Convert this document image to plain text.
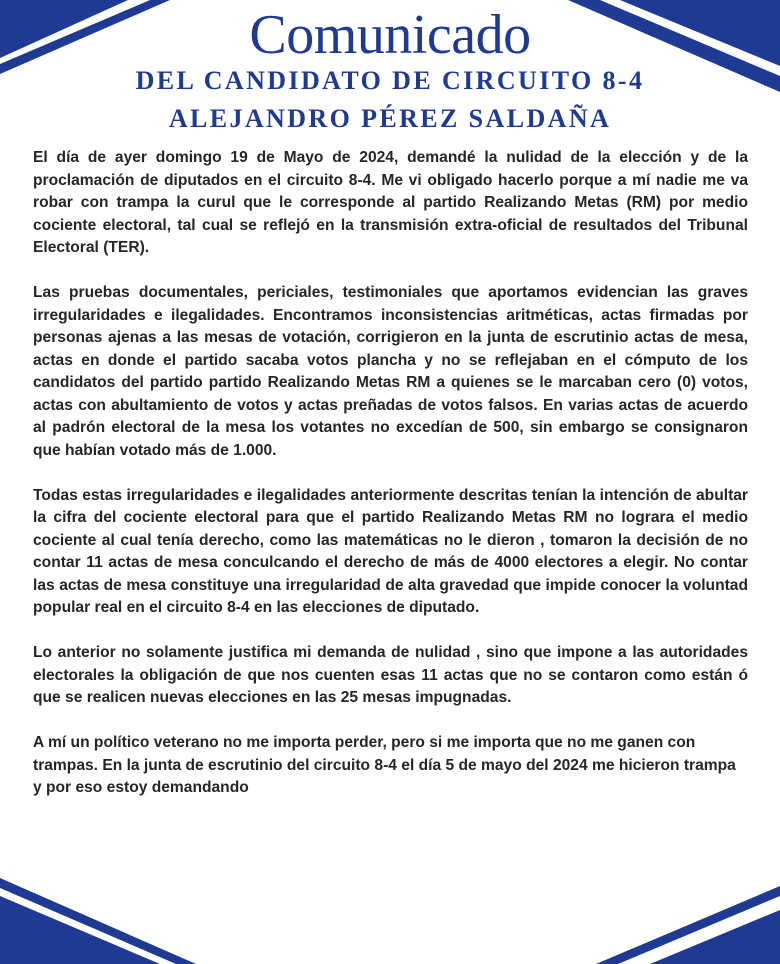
Comunicado
DEL CANDIDATO DE CIRCUITO 8-4
ALEJANDRO PÉREZ SALDAÑA

El día de ayer domingo 19 de Mayo de 2024, demandé la nulidad de la elección y de la proclamación de diputados en el circuito 8-4. Me vi obligado hacerlo porque a mí nadie me va robar con trampa la curul que le corresponde al partido Realizando Metas (RM) por medio cociente electoral, tal cual se reflejó en la transmisión extra-oficial de resultados del Tribunal Electoral (TER).

Las pruebas documentales, periciales, testimoniales que aportamos evidencian las graves irregularidades e ilegalidades. Encontramos inconsistencias aritméticas, actas firmadas por personas ajenas a las mesas de votación, corrigieron en la junta de escrutinio actas de mesa, actas en donde el partido sacaba votos plancha y no se reflejaban en el cómputo de los candidatos del partido partido Realizando Metas RM a quienes se le marcaban cero (0) votos, actas con abultamiento de votos y actas preñadas de votos falsos. En varias actas de acuerdo al padrón electoral de la mesa los votantes no excedían de 500, sin embargo se consignaron que habían votado más de 1.000.

Todas estas irregularidades e ilegalidades anteriormente descritas tenían la intención de abultar la cifra del cociente electoral para que el partido Realizando Metas RM no lograra el medio cociente al cual tenía derecho, como las matemáticas no le dieron , tomaron la decisión de no contar 11 actas de mesa conculcando el derecho de más de 4000 electores a elegir. No contar las actas de mesa constituye una irregularidad de alta gravedad que impide conocer la voluntad popular real en el circuito 8-4 en las elecciones de diputado.

Lo anterior no solamente justifica mi demanda de nulidad , sino que impone a las autoridades electorales la obligación de que nos cuenten esas 11 actas que no se contaron como están ó que se realicen nuevas elecciones en las 25 mesas impugnadas.

A mí un político veterano no me importa perder, pero si me importa que no me ganen con trampas. En la junta de escrutinio del circuito 8-4 el día 5 de mayo del 2024 me hicieron trampa y por eso estoy demandando
